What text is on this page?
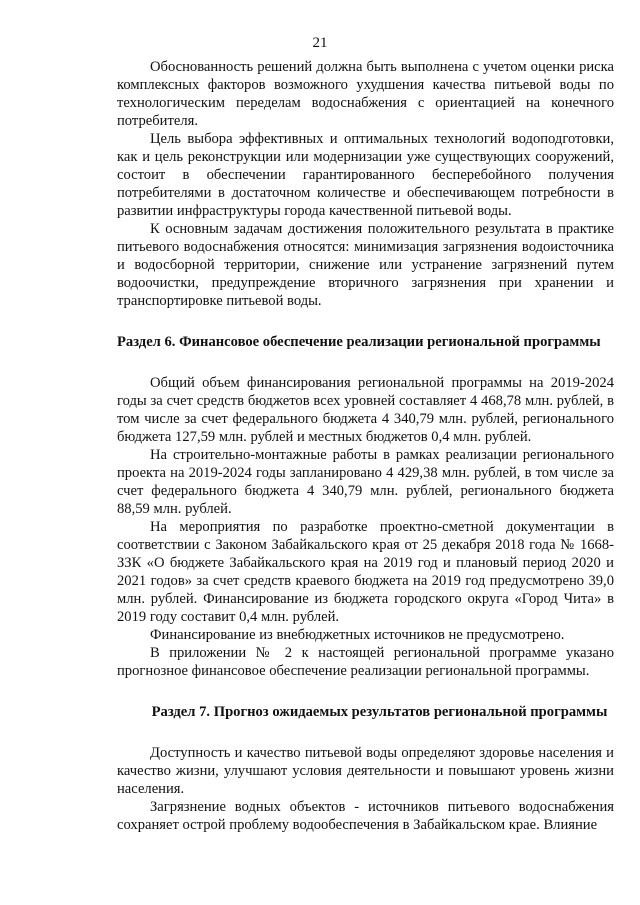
21

Обоснованность решений должна быть выполнена с учетом оценки риска комплексных факторов возможного ухудшения качества питьевой воды по технологическим переделам водоснабжения с ориентацией на конечного потребителя.

Цель выбора эффективных и оптимальных технологий водоподготовки, как и цель реконструкции или модернизации уже существующих сооружений, состоит в обеспечении гарантированного бесперебойного получения потребителями в достаточном количестве и обеспечивающем потребности в развитии инфраструктуры города качественной питьевой воды.

К основным задачам достижения положительного результата в практике питьевого водоснабжения относятся: минимизация загрязнения водоисточника и водосборной территории, снижение или устранение загрязнений путем водоочистки, предупреждение вторичного загрязнения при хранении и транспортировке питьевой воды.

Раздел 6. Финансовое обеспечение реализации региональной программы

Общий объем финансирования региональной программы на 2019-2024 годы за счет средств бюджетов всех уровней составляет 4 468,78 млн. рублей, в том числе за счет федерального бюджета 4 340,79 млн. рублей, регионального бюджета 127,59 млн. рублей и местных бюджетов 0,4 млн. рублей.

На строительно-монтажные работы в рамках реализации регионального проекта на 2019-2024 годы запланировано 4 429,38 млн. рублей, в том числе за счет федерального бюджета 4 340,79 млн. рублей, регионального бюджета 88,59 млн. рублей.

На мероприятия по разработке проектно-сметной документации в соответствии с Законом Забайкальского края от 25 декабря 2018 года № 1668-ЗЗК «О бюджете Забайкальского края на 2019 год и плановый период 2020 и 2021 годов» за счет средств краевого бюджета на 2019 год предусмотрено 39,0 млн. рублей. Финансирование из бюджета городского округа «Город Чита» в 2019 году составит 0,4 млн. рублей.

Финансирование из внебюджетных источников не предусмотрено.

В приложении № 2 к настоящей региональной программе указано прогнозное финансовое обеспечение реализации региональной программы.

Раздел 7. Прогноз ожидаемых результатов региональной программы

Доступность и качество питьевой воды определяют здоровье населения и качество жизни, улучшают условия деятельности и повышают уровень жизни населения.

Загрязнение водных объектов - источников питьевого водоснабжения сохраняет острой проблему водообеспечения в Забайкальском крае. Влияние
